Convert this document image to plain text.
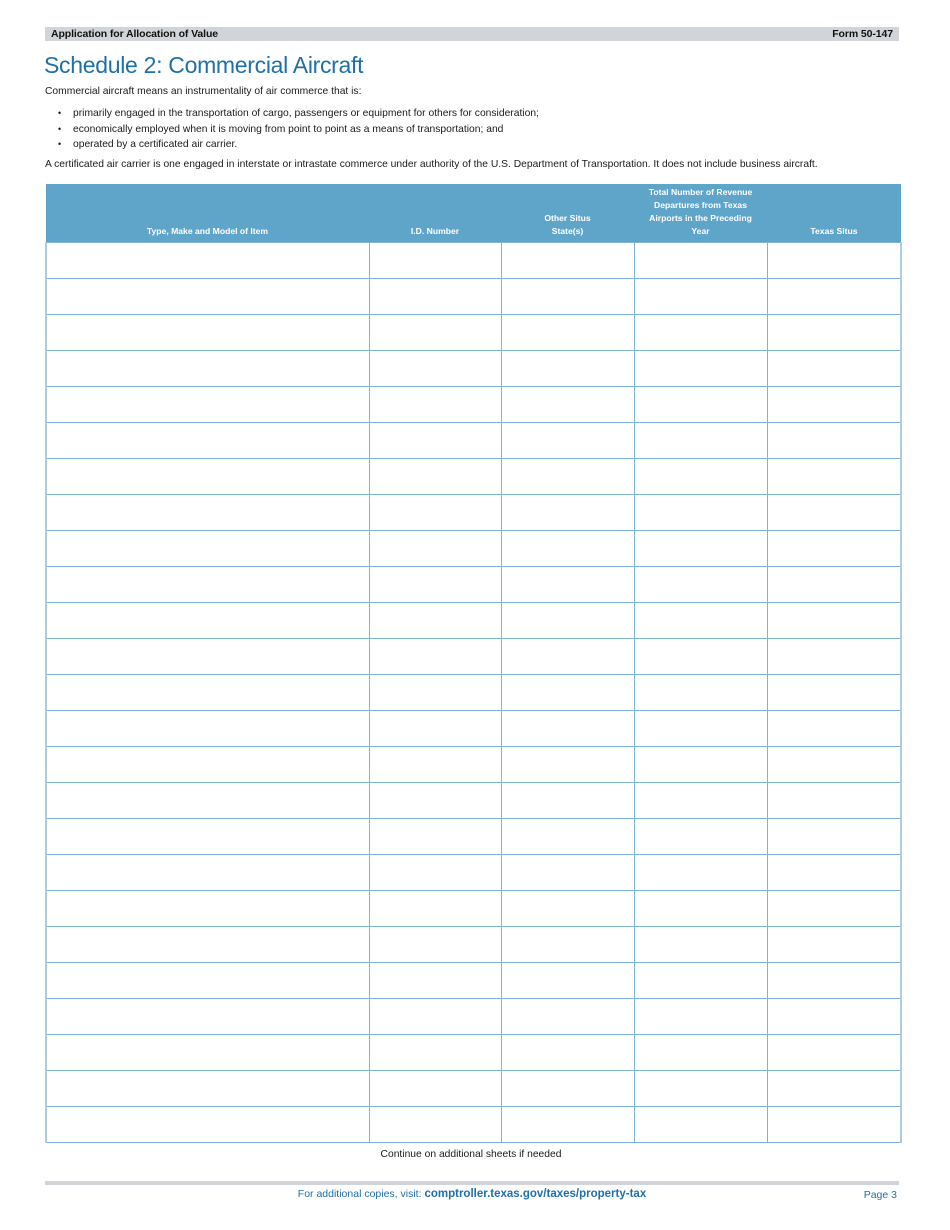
Application for Allocation of Value	Form 50-147
Schedule 2: Commercial Aircraft

Commercial aircraft means an instrumentality of air commerce that is:

• primarily engaged in the transportation of cargo, passengers or equipment for others for consideration;
• economically employed when it is moving from point to point as a means of transportation; and
• operated by a certificated air carrier.

A certificated air carrier is one engaged in interstate or intrastate commerce under authority of the U.S. Department of Transportation. It does not include business aircraft.

Type, Make and Model of Item	I.D. Number	Other Situs State(s)	Total Number of Revenue Departures from Texas Airports in the Preceding Year	Texas Situs

Continue on additional sheets if needed

For additional copies, visit: comptroller.texas.gov/taxes/property-tax	Page 3
